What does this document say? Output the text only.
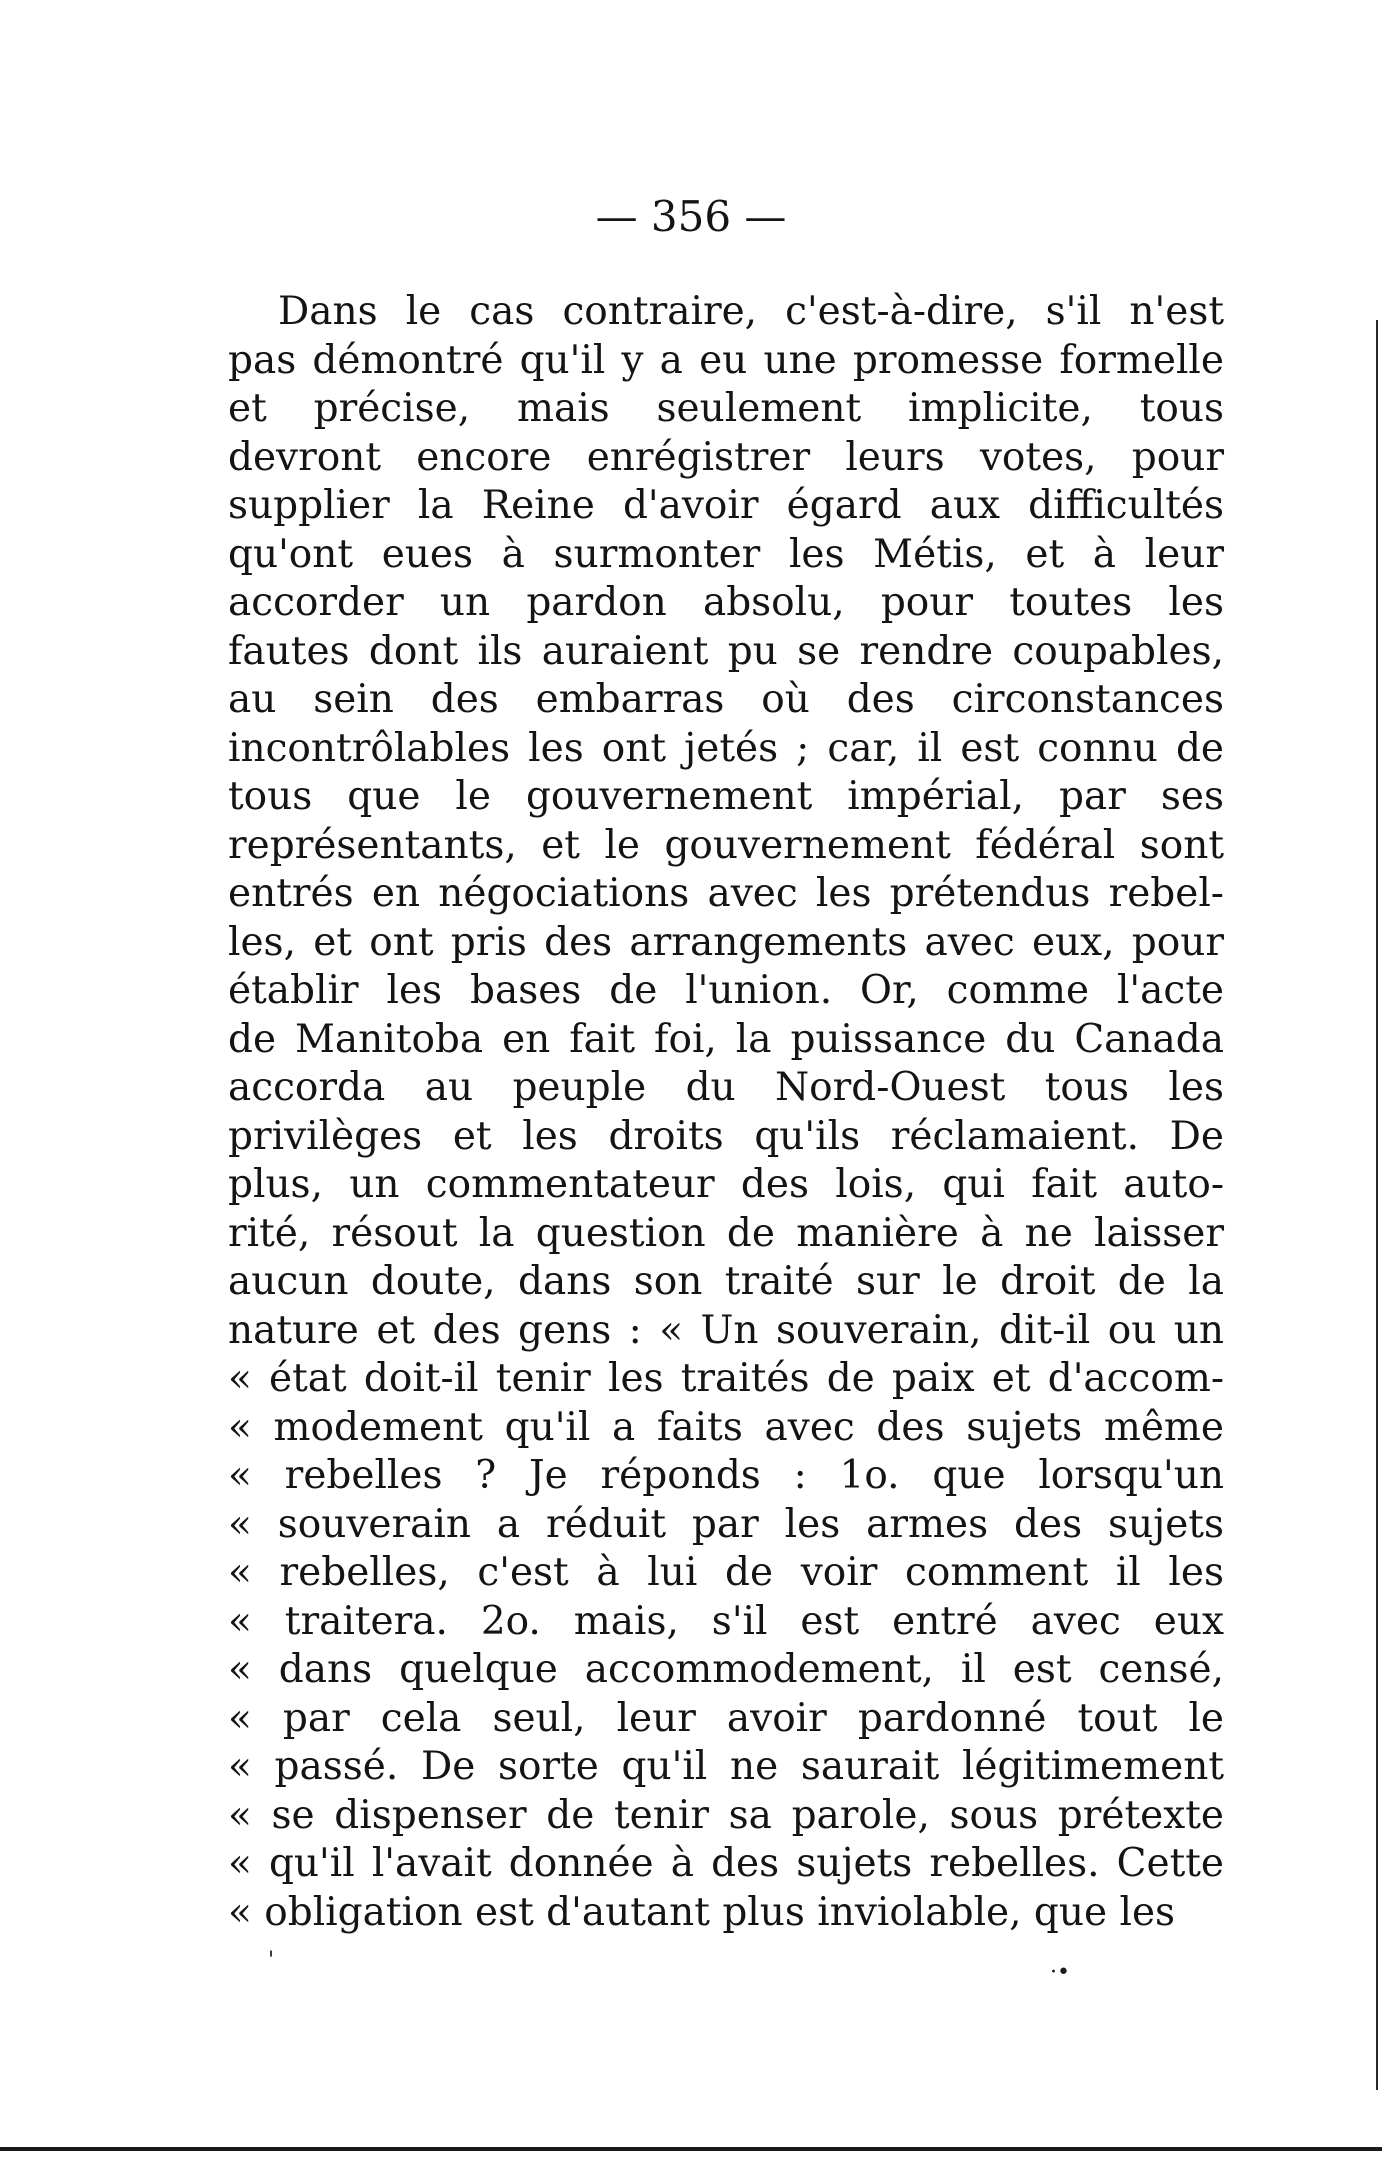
— 356 —
Dans le cas contraire, c'est-à-dire, s'il n'est
pas démontré qu'il y a eu une promesse formelle
et précise, mais seulement implicite, tous
devront encore enrégistrer leurs votes, pour
supplier la Reine d'avoir égard aux difficultés
qu'ont eues à surmonter les Métis, et à leur
accorder un pardon absolu, pour toutes les
fautes dont ils auraient pu se rendre coupables,
au sein des embarras où des circonstances
incontrôlables les ont jetés ; car, il est connu de
tous que le gouvernement impérial, par ses
représentants, et le gouvernement fédéral sont
entrés en négociations avec les prétendus rebel-
les, et ont pris des arrangements avec eux, pour
établir les bases de l'union. Or, comme l'acte
de Manitoba en fait foi, la puissance du Canada
accorda au peuple du Nord-Ouest tous les
privilèges et les droits qu'ils réclamaient. De
plus, un commentateur des lois, qui fait auto-
rité, résout la question de manière à ne laisser
aucun doute, dans son traité sur le droit de la
nature et des gens : « Un souverain, dit-il ou un
« état doit-il tenir les traités de paix et d'accom-
« modement qu'il a faits avec des sujets même
« rebelles ? Je réponds : 1o. que lorsqu'un
« souverain a réduit par les armes des sujets
« rebelles, c'est à lui de voir comment il les
« traitera. 2o. mais, s'il est entré avec eux
« dans quelque accommodement, il est censé,
« par cela seul, leur avoir pardonné tout le
« passé. De sorte qu'il ne saurait légitimement
« se dispenser de tenir sa parole, sous prétexte
« qu'il l'avait donnée à des sujets rebelles. Cette
« obligation est d'autant plus inviolable, que les
'	·•
